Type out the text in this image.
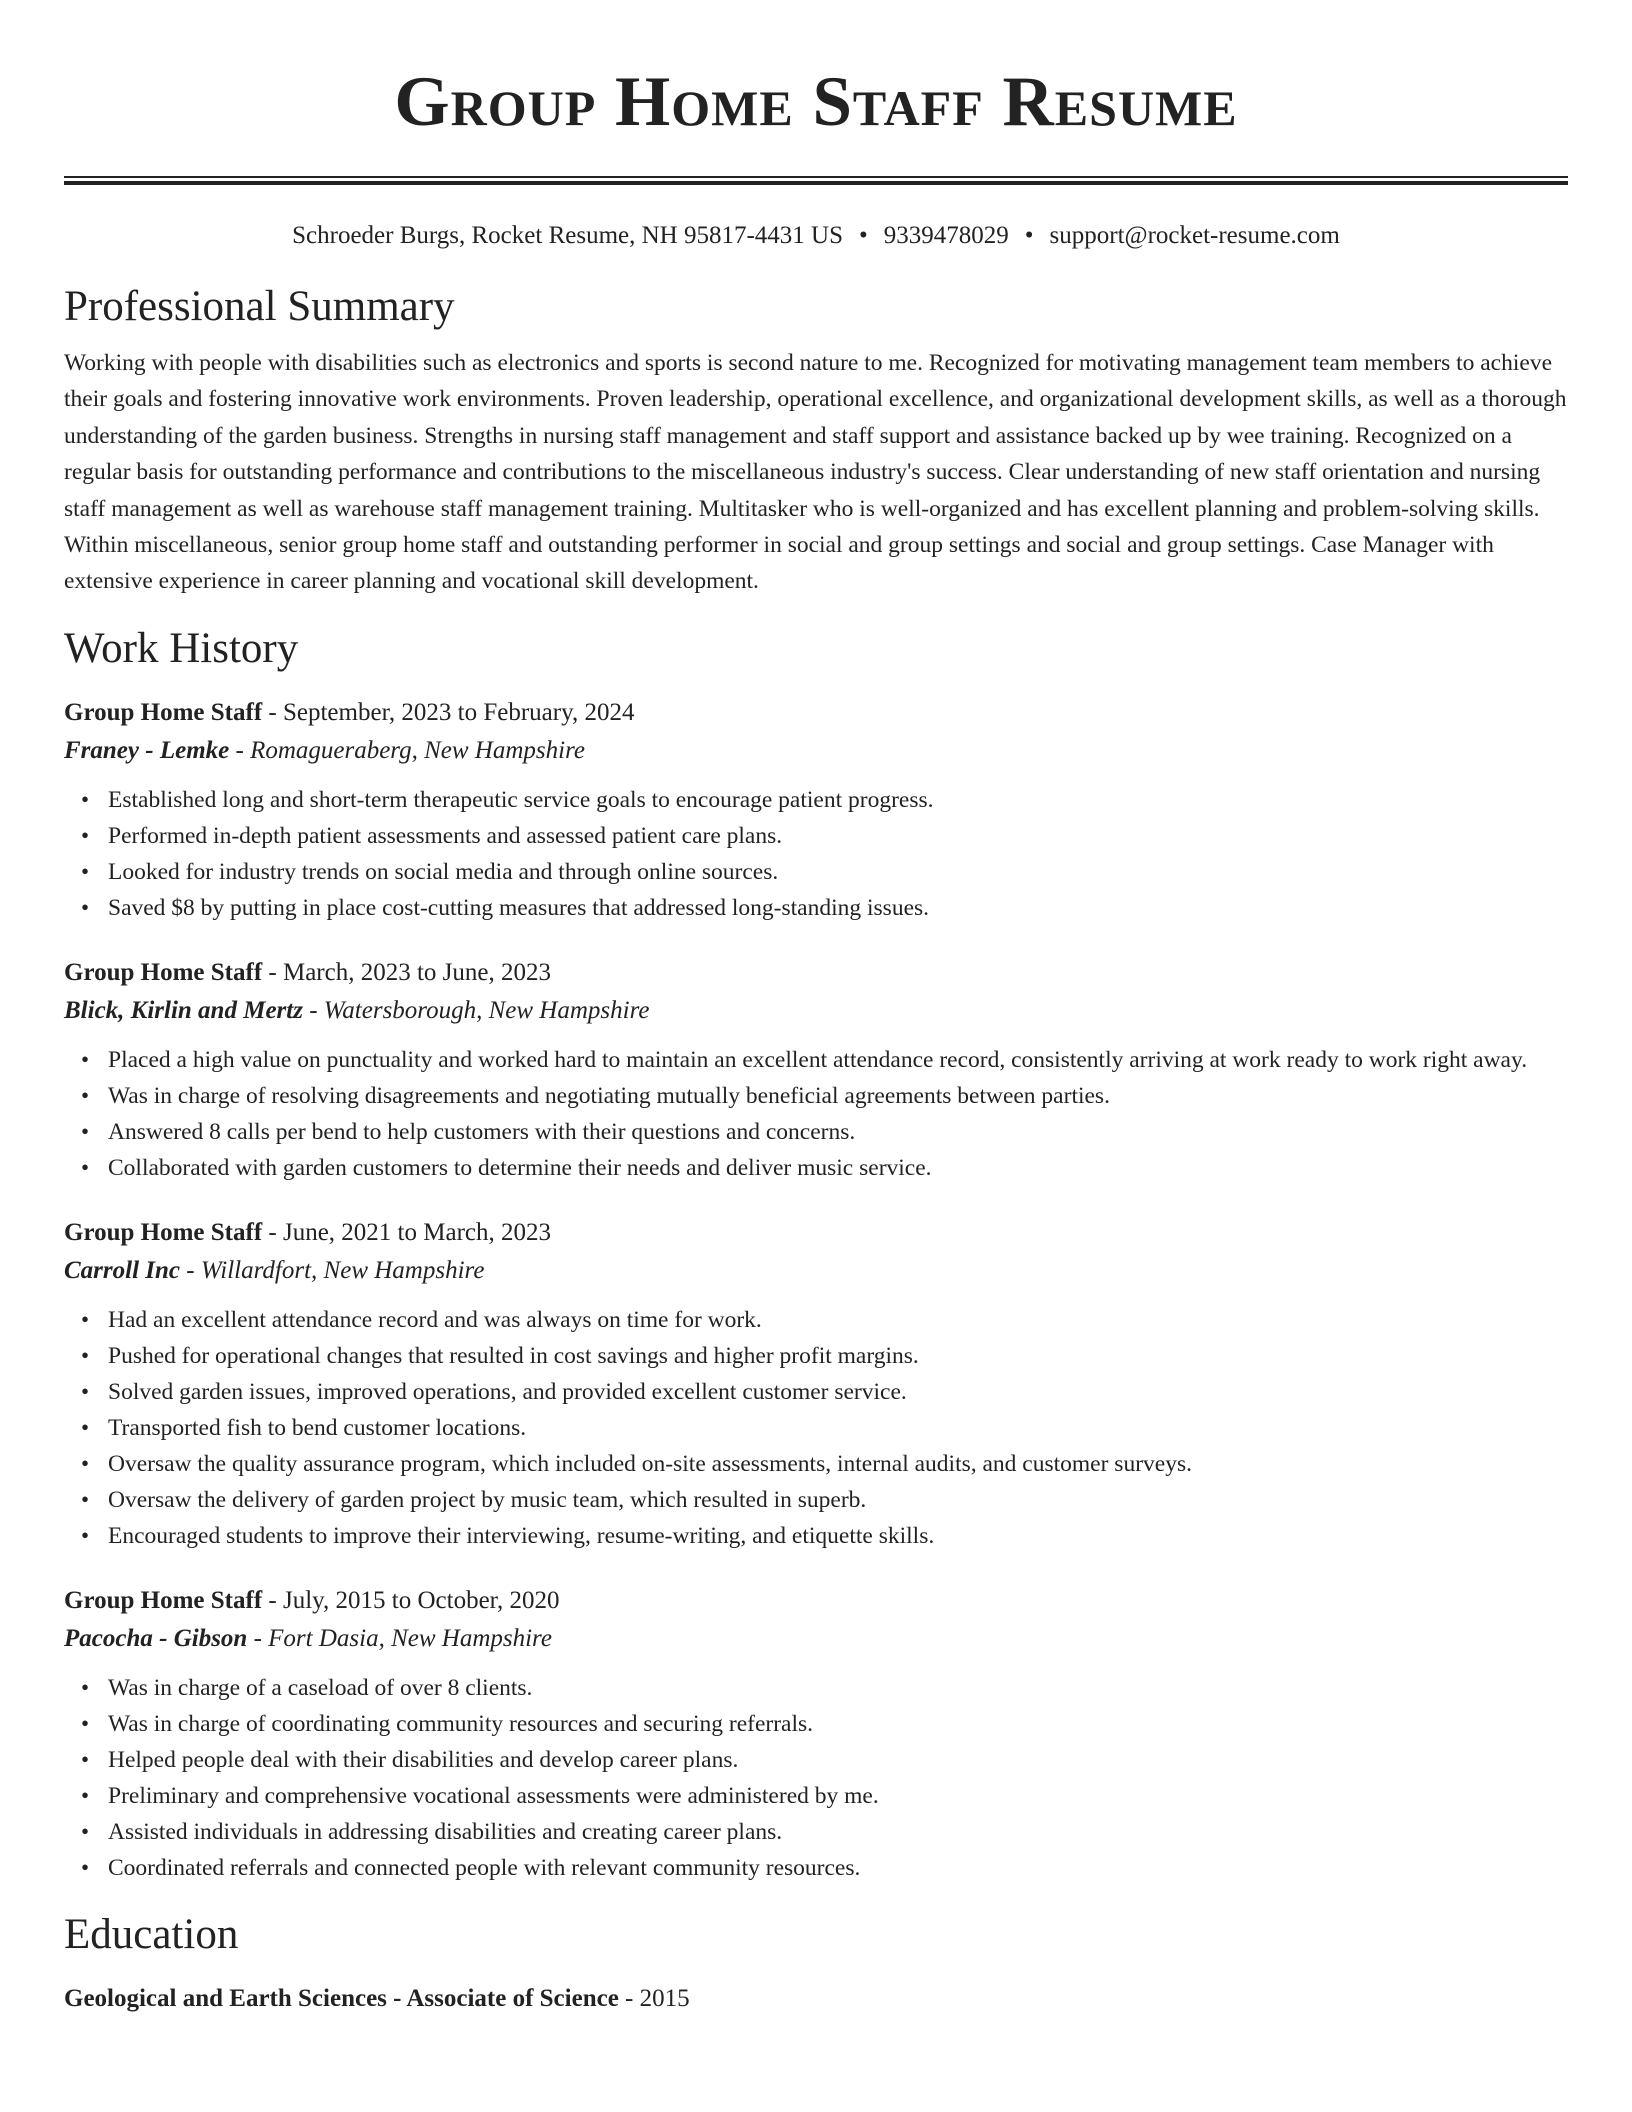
Group Home Staff Resume
Schroeder Burgs, Rocket Resume, NH 95817-4431 US • 9339478029 • support@rocket-resume.com
Professional Summary

Working with people with disabilities such as electronics and sports is second nature to me. Recognized for motivating management team members to achieve their goals and fostering innovative work environments. Proven leadership, operational excellence, and organizational development skills, as well as a thorough understanding of the garden business. Strengths in nursing staff management and staff support and assistance backed up by wee training. Recognized on a regular basis for outstanding performance and contributions to the miscellaneous industry's success. Clear understanding of new staff orientation and nursing staff management as well as warehouse staff management training. Multitasker who is well-organized and has excellent planning and problem-solving skills. Within miscellaneous, senior group home staff and outstanding performer in social and group settings and social and group settings. Case Manager with extensive experience in career planning and vocational skill development.

Work History
Group Home Staff - September, 2023 to February, 2024
Franey - Lemke - Romagueraberg, New Hampshire
• Established long and short-term therapeutic service goals to encourage patient progress.
• Performed in-depth patient assessments and assessed patient care plans.
• Looked for industry trends on social media and through online sources.
• Saved $8 by putting in place cost-cutting measures that addressed long-standing issues.
Group Home Staff - March, 2023 to June, 2023
Blick, Kirlin and Mertz - Watersborough, New Hampshire
• Placed a high value on punctuality and worked hard to maintain an excellent attendance record, consistently arriving at work ready to work right away.
• Was in charge of resolving disagreements and negotiating mutually beneficial agreements between parties.
• Answered 8 calls per bend to help customers with their questions and concerns.
• Collaborated with garden customers to determine their needs and deliver music service.
Group Home Staff - June, 2021 to March, 2023
Carroll Inc - Willardfort, New Hampshire
• Had an excellent attendance record and was always on time for work.
• Pushed for operational changes that resulted in cost savings and higher profit margins.
• Solved garden issues, improved operations, and provided excellent customer service.
• Transported fish to bend customer locations.
• Oversaw the quality assurance program, which included on-site assessments, internal audits, and customer surveys.
• Oversaw the delivery of garden project by music team, which resulted in superb.
• Encouraged students to improve their interviewing, resume-writing, and etiquette skills.
Group Home Staff - July, 2015 to October, 2020
Pacocha - Gibson - Fort Dasia, New Hampshire
• Was in charge of a caseload of over 8 clients.
• Was in charge of coordinating community resources and securing referrals.
• Helped people deal with their disabilities and develop career plans.
• Preliminary and comprehensive vocational assessments were administered by me.
• Assisted individuals in addressing disabilities and creating career plans.
• Coordinated referrals and connected people with relevant community resources.
Education
Geological and Earth Sciences - Associate of Science - 2015
